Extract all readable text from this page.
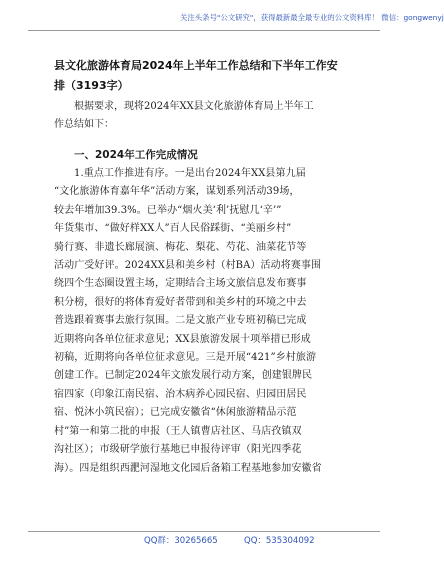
关注头条号"公文研究"，获得最新最全最专业的公文资料库！ 微信：gongwenyj
县文化旅游体育局2024年上半年工作总结和下半年工作安
排（3193字）
根据要求，现将2024年XX县文化旅游体育局上半年工
作总结如下：
一、2024年工作完成情况
1.重点工作推进有序。一是出台2024年XX县第九届
“文化旅游体育嘉年华”活动方案，谋划系列活动39场，
较去年增加39.3%。已举办“烟火美‘利’抚慰几‘辛’”
年货集市、“做好样XX人”百人民俗踩街、“美丽乡村”
骑行赛、非遗长廊展演、梅花、梨花、芍花、油菜花节等
活动广受好评。2024XX县和美乡村（村BA）活动将赛事围
绕四个生态圈设置主场，定期结合主场文旅信息发布赛事
积分榜，很好的将体育爱好者带到和美乡村的环境之中去
普选跟着赛事去旅行氛围。二是文旅产业专班初稿已完成
近期将向各单位征求意见；XX县旅游发展十项举措已形成
初稿，近期将向各单位征求意见。三是开展“421”乡村旅游
创建工作。已制定2024年文旅发展行动方案，创建银牌民
宿四家（印象江南民宿、治木病养心园民宿、归园田居民
宿、悦沐小筑民宿）；已完成安徽省“休闲旅游精品示范
村”第一和第二批的申报（王人镇曹店社区、马店孜镇双
沟社区）；市级研学旅行基地已申报待评审（阳光四季花
海）。四是组织西淝河湿地文化园后备箱工程基地参加安徽省
QQ群：30265665	QQ：535304092
